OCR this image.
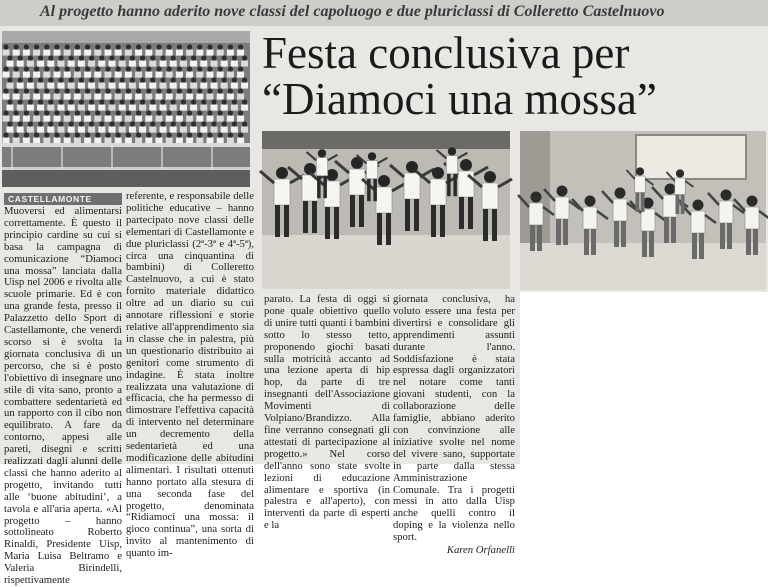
Al progetto hanno aderito nove classi del capoluogo e due pluriclassi di Colleretto Castelnuovo
Festa conclusiva per
“Diamoci una mossa”
CASTELLAMONTE

Muoversi ed alimentarsi correttamente. È questo il principio cardine su cui si basa la campagna di comunicazione “Diamoci una mossa” lanciata dalla Uisp nel 2006 e rivolta alle scuole primarie. Ed è con una grande festa, presso il Palazzetto dello Sport di Castellamonte, che venerdì scorso si è svolta la giornata conclusiva di un percorso, che si è posto l'obiettivo di insegnare uno stile di vita sano, pronto a combattere sedentarietà ed un rapporto con il cibo non equilibrato. A fare da contorno, appesi alle pareti, disegni e scritti realizzati dagli alunni delle classi che hanno aderito al progetto, invitando tutti alle ‘buone abitudini’, a tavola e all'aria aperta. «Al progetto – hanno sottolineato Roberto Rinaldi, Presidente Uisp, Maria Luisa Beltramo e Valeria Birindelli, rispettivamente

referente, e responsabile delle politiche educative – hanno partecipato nove classi delle elementari di Castellamonte e due pluriclassi (2ª-3ª e 4ª-5ª), circa una cinquantina di bambini) di Colleretto Castelnuovo, a cui è stato fornito materiale didattico oltre ad un diario su cui annotare riflessioni e storie relative all'apprendimento sia in classe che in palestra, più un questionario distribuito ai genitori come strumento di indagine. È stata inoltre realizzata una valutazione di efficacia, che ha permesso di dimostrare l'effettiva capacità di intervento nel determinare un decremento della sedentarietà ed una modificazione delle abitudini alimentari. I risultati ottenuti hanno portato alla stesura di una seconda fase del progetto, denominata “Ridiamoci una mossa: il gioco continua”, una sorta di invito al mantenimento di quanto im-

parato. La festa di oggi si pone quale obiettivo quello di unire tutti quanti i bambini sotto lo stesso tetto, proponendo giochi basati sulla motricità accanto ad una lezione aperta di hip hop, da parte di tre insegnanti dell'Associazione Movimenti di Volpiano/Brandizzo. Alla fine verranno consegnati gli attestati di partecipazione al progetto.» Nel corso dell'anno sono state svolte lezioni di educazione alimentare e sportiva (in palestra e all'aperto), con interventi da parte di esperti e la

giornata conclusiva, ha voluto essere una festa per divertirsi e consolidare gli apprendimenti assunti durante l'anno. Soddisfazione è stata espressa dagli organizzatori nel notare come tanti giovani studenti, con la collaborazione delle famiglie, abbiano aderito con convinzione alle iniziative svolte nel nome del vivere sano, supportate in parte dalla stessa Amministrazione Comunale. Tra i progetti messi in atto dalla Uisp anche quelli contro il doping e la violenza nello sport.

Karen Orfanelli
